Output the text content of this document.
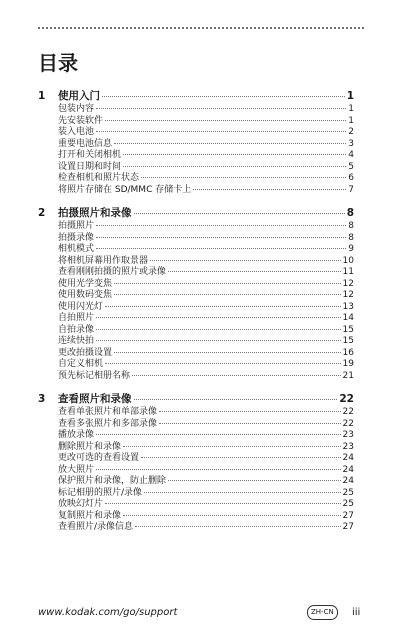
目录
1	使用入门	1
包装内容	1
先安装软件	1
装入电池	2
重要电池信息	3
打开和关闭相机	4
设置日期和时间	5
检查相机和照片状态	6
将照片存储在 SD/MMC 存储卡上	7
2	拍摄照片和录像	8
拍摄照片	8
拍摄录像	8
相机模式	9
将相机屏幕用作取景器	10
查看刚刚拍摄的照片或录像	11
使用光学变焦	12
使用数码变焦	12
使用闪光灯	13
自拍照片	14
自拍录像	15
连续快拍	15
更改拍摄设置	16
自定义相机	19
预先标记相册名称	21
3	查看照片和录像	22
查看单张照片和单部录像	22
查看多张照片和多部录像	22
播放录像	23
删除照片和录像	23
更改可选的查看设置	24
放大照片	24
保护照片和录像，防止删除	24
标记相册的照片/录像	25
放映幻灯片	25
复制照片和录像	27
查看照片/录像信息	27
www.kodak.com/go/support	ZH-CN	iii
